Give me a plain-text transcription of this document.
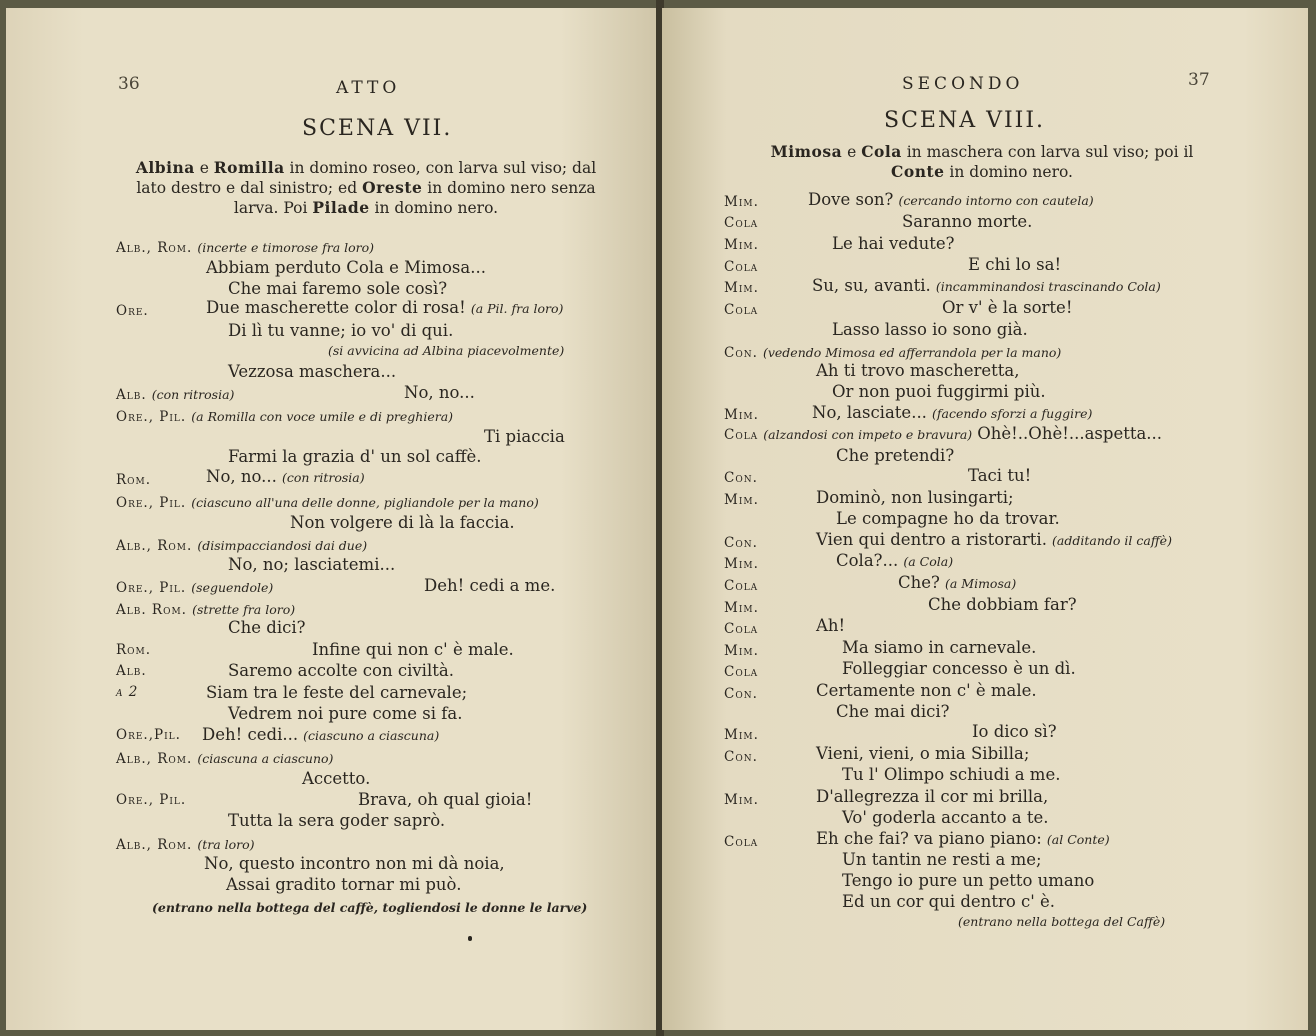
36	ATTO
SCENA VII.
Albina e Romilla in domino roseo, con larva sul viso; dal lato destro e dal sinistro; ed Oreste in domino nero senza larva. Poi Pilade in domino nero.
Alb., Rom. (incerte e timorose fra loro)
Abbiam perduto Cola e Mimosa...
Che mai faremo sole così?
Ore.	Due mascherette color di rosa! (a Pil. fra loro)
Di lì tu vanne; io vo' di qui.
(si avvicina ad Albina piacevolmente)
Vezzosa maschera...
Alb. (con ritrosia)	No, no...
Ore., Pil. (a Romilla con voce umile e di preghiera)
Ti piaccia
Farmi la grazia d' un sol caffè.
Rom.	No, no... (con ritrosia)
Ore., Pil. (ciascuno all'una delle donne, pigliandole per la mano)
Non volgere di là la faccia.
Alb., Rom. (disimpacciandosi dai due)
No, no; lasciatemi...
Ore., Pil. (seguendole)	Deh! cedi a me.
Alb. Rom. (strette fra loro)
Che dici?
Rom.	Infine qui non c' è male.
Alb.	Saremo accolte con civiltà.
a 2	Siam tra le feste del carnevale;
Vedrem noi pure come si fa.
Ore.,Pil. Deh! cedi... (ciascuno a ciascuna)
Alb., Rom. (ciascuna a ciascuno)
Accetto.
Ore., Pil.	Brava, oh qual gioia!
Tutta la sera goder saprò.
Alb., Rom. (tra loro)
No, questo incontro non mi dà noia,
Assai gradito tornar mi può.
(entrano nella bottega del caffè, togliendosi le donne le larve)
SECONDO	37
SCENA VIII.
Mimosa e Cola in maschera con larva sul viso; poi il Conte in domino nero.
Mim.	Dove son? (cercando intorno con cautela)
Cola	Saranno morte.
Mim.	Le hai vedute?
Cola	E chi lo sa!
Mim.	Su, su, avanti. (incamminandosi trascinando Cola)
Cola	Or v' è la sorte!
Lasso lasso io sono già.
Con. (vedendo Mimosa ed afferrandola per la mano)
Ah ti trovo mascheretta,
Or non puoi fuggirmi più.
Mim.	No, lasciate... (facendo sforzi a fuggire)
Cola (alzandosi con impeto e bravura) Ohè!..Ohè!...aspetta...
Che pretendi?
Con.	Taci tu!
Mim.	Dominò, non lusingarti;
Le compagne ho da trovar.
Con.	Vien qui dentro a ristorarti. (additando il caffè)
Mim.	Cola?... (a Cola)
Cola	Che? (a Mimosa)
Mim.	Che dobbiam far?
Cola	Ah!
Mim.	Ma siamo in carnevale.
Cola	Folleggiar concesso è un dì.
Con.	Certamente non c' è male.
Che mai dici?
Mim.	Io dico sì?
Con.	Vieni, vieni, o mia Sibilla;
Tu l' Olimpo schiudi a me.
Mim.	D'allegrezza il cor mi brilla,
Vo' goderla accanto a te.
Cola	Eh che fai? va piano piano: (al Conte)
Un tantin ne resti a me;
Tengo io pure un petto umano
Ed un cor qui dentro c' è.
(entrano nella bottega del Caffè)
